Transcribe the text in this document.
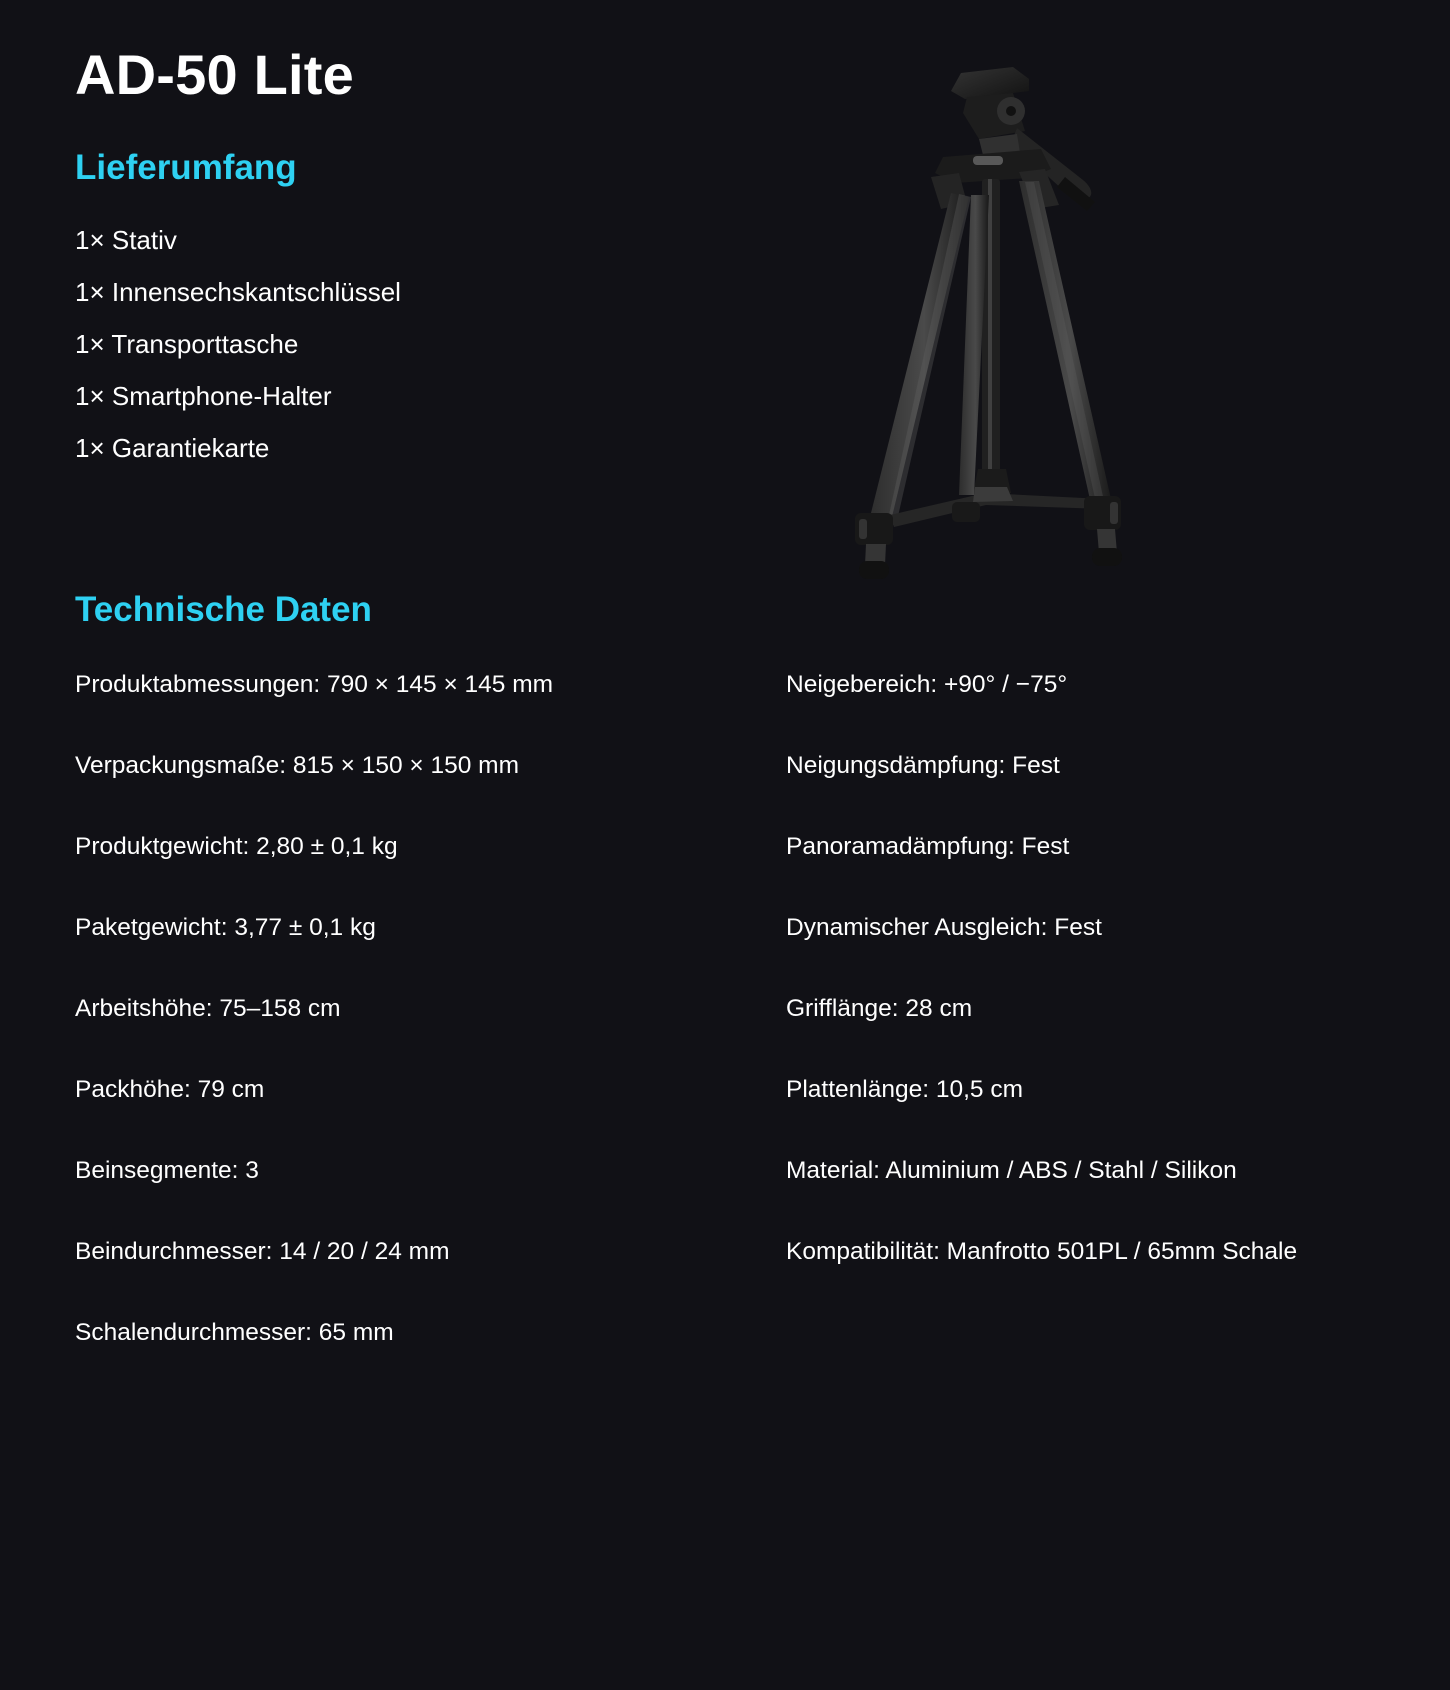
AD-50 Lite
Lieferumfang
1× Stativ
1× Innensechskantschlüssel
1× Transporttasche
1× Smartphone-Halter
1× Garantiekarte
Technische Daten
Produktabmessungen: 790 × 145 × 145 mm
Verpackungsmaße: 815 × 150 × 150 mm
Produktgewicht: 2,80 ± 0,1 kg
Paketgewicht: 3,77 ± 0,1 kg
Arbeitshöhe: 75–158 cm
Packhöhe: 79 cm
Beinsegmente: 3
Beindurchmesser: 14 / 20 / 24 mm
Schalendurchmesser: 65 mm
Neigebereich: +90° / −75°
Neigungsdämpfung: Fest
Panoramadämpfung: Fest
Dynamischer Ausgleich: Fest
Grifflänge: 28 cm
Plattenlänge: 10,5 cm
Material: Aluminium / ABS / Stahl / Silikon
Kompatibilität: Manfrotto 501PL / 65mm Schale
